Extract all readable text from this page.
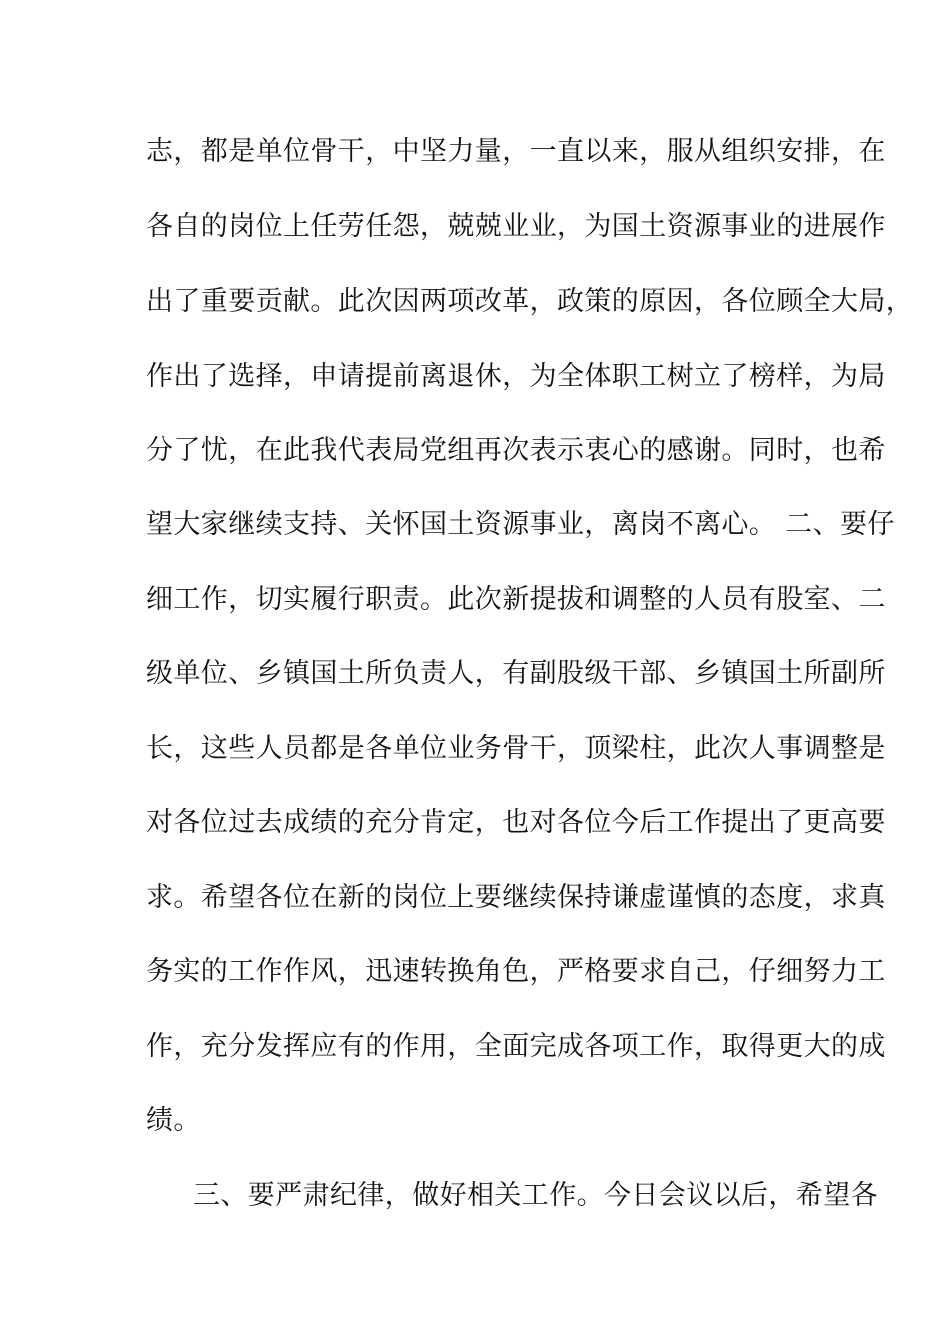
志，都是单位骨干，中坚力量，一直以来，服从组织安排，在
各自的岗位上任劳任怨，兢兢业业，为国土资源事业的进展作
出了重要贡献。此次因两项改革，政策的原因，各位顾全大局，
作出了选择，申请提前离退休，为全体职工树立了榜样，为局
分了忧，在此我代表局党组再次表示衷心的感谢。同时，也希
望大家继续支持、关怀国土资源事业，离岗不离心。 二、要仔
细工作，切实履行职责。此次新提拔和调整的人员有股室、二
级单位、乡镇国土所负责人，有副股级干部、乡镇国土所副所
长，这些人员都是各单位业务骨干，顶梁柱，此次人事调整是
对各位过去成绩的充分肯定，也对各位今后工作提出了更高要
求。希望各位在新的岗位上要继续保持谦虚谨慎的态度，求真
务实的工作作风，迅速转换角色，严格要求自己，仔细努力工
作，充分发挥应有的作用，全面完成各项工作，取得更大的成
绩。
三、要严肃纪律，做好相关工作。今日会议以后，希望各
